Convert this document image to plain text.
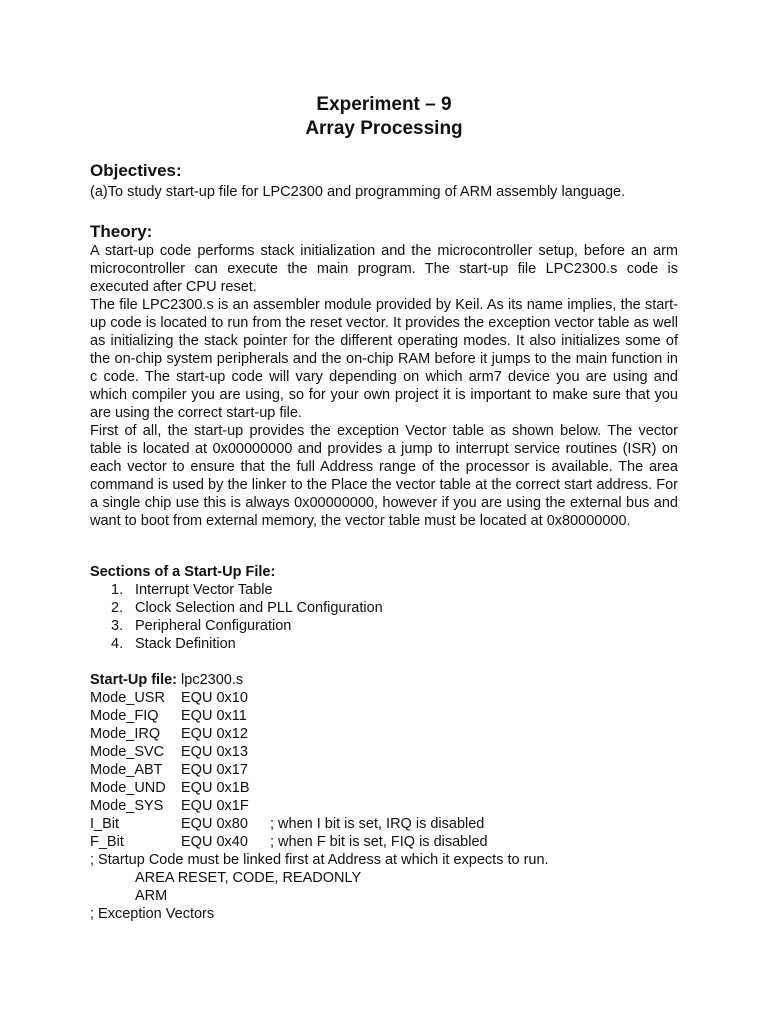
Experiment – 9
Array Processing
Objectives:
(a)To study start-up file for LPC2300 and programming of ARM assembly language.
Theory:

A start-up code performs stack initialization and the microcontroller setup, before an arm microcontroller can execute the main program. The start-up file LPC2300.s code is executed after CPU reset.

The file LPC2300.s is an assembler module provided by Keil. As its name implies, the start-up code is located to run from the reset vector. It provides the exception vector table as well as initializing the stack pointer for the different operating modes. It also initializes some of the on-chip system peripherals and the on-chip RAM before it jumps to the main function in c code. The start-up code will vary depending on which arm7 device you are using and which compiler you are using, so for your own project it is important to make sure that you are using the correct start-up file.

First of all, the start-up provides the exception Vector table as shown below. The vector table is located at 0x00000000 and provides a jump to interrupt service routines (ISR) on each vector to ensure that the full Address range of the processor is available. The area command is used by the linker to the Place the vector table at the correct start address. For a single chip use this is always 0x00000000, however if you are using the external bus and want to boot from external memory, the vector table must be located at 0x80000000.

Sections of a Start-Up File:
1. Interrupt Vector Table
2. Clock Selection and PLL Configuration
3. Peripheral Configuration
4. Stack Definition
Start-Up file: lpc2300.s
Mode_USR	EQU 0x10
Mode_FIQ	EQU 0x11
Mode_IRQ	EQU 0x12
Mode_SVC	EQU 0x13
Mode_ABT	EQU 0x17
Mode_UND	EQU 0x1B
Mode_SYS	EQU 0x1F
I_Bit	EQU 0x80	; when I bit is set, IRQ is disabled
F_Bit	EQU 0x40	; when F bit is set, FIQ is disabled
; Startup Code must be linked first at Address at which it expects to run.
AREA RESET, CODE, READONLY
ARM
; Exception Vectors
